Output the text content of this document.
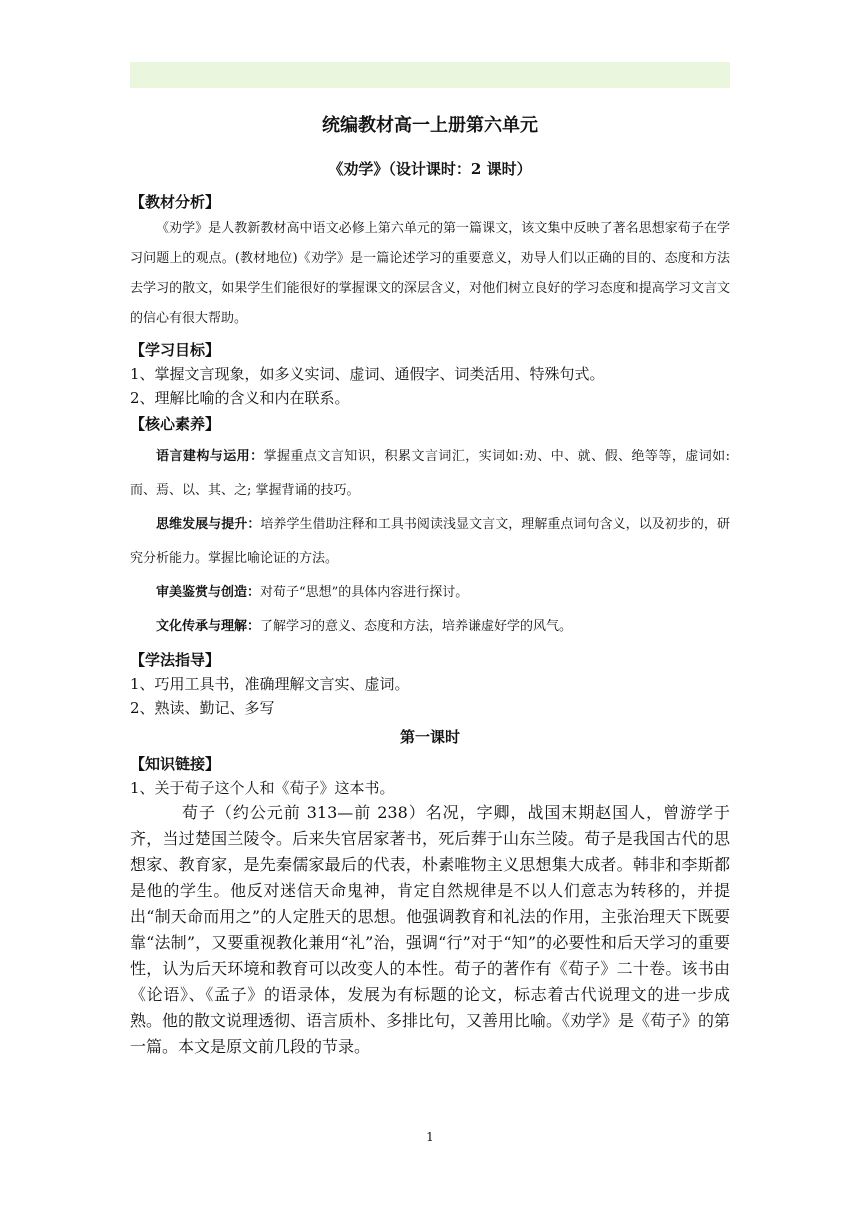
统编教材高一上册第六单元

《劝学》（设计课时：2 课时）

【教材分析】

《劝学》是人教新教材高中语文必修上第六单元的第一篇课文，该文集中反映了著名思想家荀子在学习问题上的观点。(教材地位)《劝学》是一篇论述学习的重要意义，劝导人们以正确的目的、态度和方法去学习的散文，如果学生们能很好的掌握课文的深层含义，对他们树立良好的学习态度和提高学习文言文的信心有很大帮助。

【学习目标】

1、掌握文言现象，如多义实词、虚词、通假字、词类活用、特殊句式。

2、理解比喻的含义和内在联系。

【核心素养】

语言建构与运用：掌握重点文言知识，积累文言词汇，实词如:劝、中、就、假、绝等等，虚词如:而、焉、以、其、之; 掌握背诵的技巧。

思维发展与提升：培养学生借助注释和工具书阅读浅显文言文，理解重点词句含义，以及初步的，研究分析能力。掌握比喻论证的方法。

审美鉴赏与创造：对荀子“思想”的具体内容进行探讨。

文化传承与理解：了解学习的意义、态度和方法，培养谦虚好学的风气。

【学法指导】

1、巧用工具书，准确理解文言实、虚词。

2、熟读、勤记、多写

第一课时

【知识链接】

1、关于荀子这个人和《荀子》这本书。

荀子（约公元前 313—前 238）名况，字卿，战国末期赵国人，曾游学于齐，当过楚国兰陵令。后来失官居家著书，死后葬于山东兰陵。荀子是我国古代的思想家、教育家，是先秦儒家最后的代表，朴素唯物主义思想集大成者。韩非和李斯都是他的学生。他反对迷信天命鬼神，肯定自然规律是不以人们意志为转移的，并提出“制天命而用之”的人定胜天的思想。他强调教育和礼法的作用，主张治理天下既要靠“法制”，又要重视教化兼用“礼”治，强调“行”对于“知”的必要性和后天学习的重要性，认为后天环境和教育可以改变人的本性。荀子的著作有《荀子》二十卷。该书由《论语》、《孟子》的语录体，发展为有标题的论文，标志着古代说理文的进一步成熟。他的散文说理透彻、语言质朴、多排比句，又善用比喻。《劝学》是《荀子》的第一篇。本文是原文前几段的节录。

1
